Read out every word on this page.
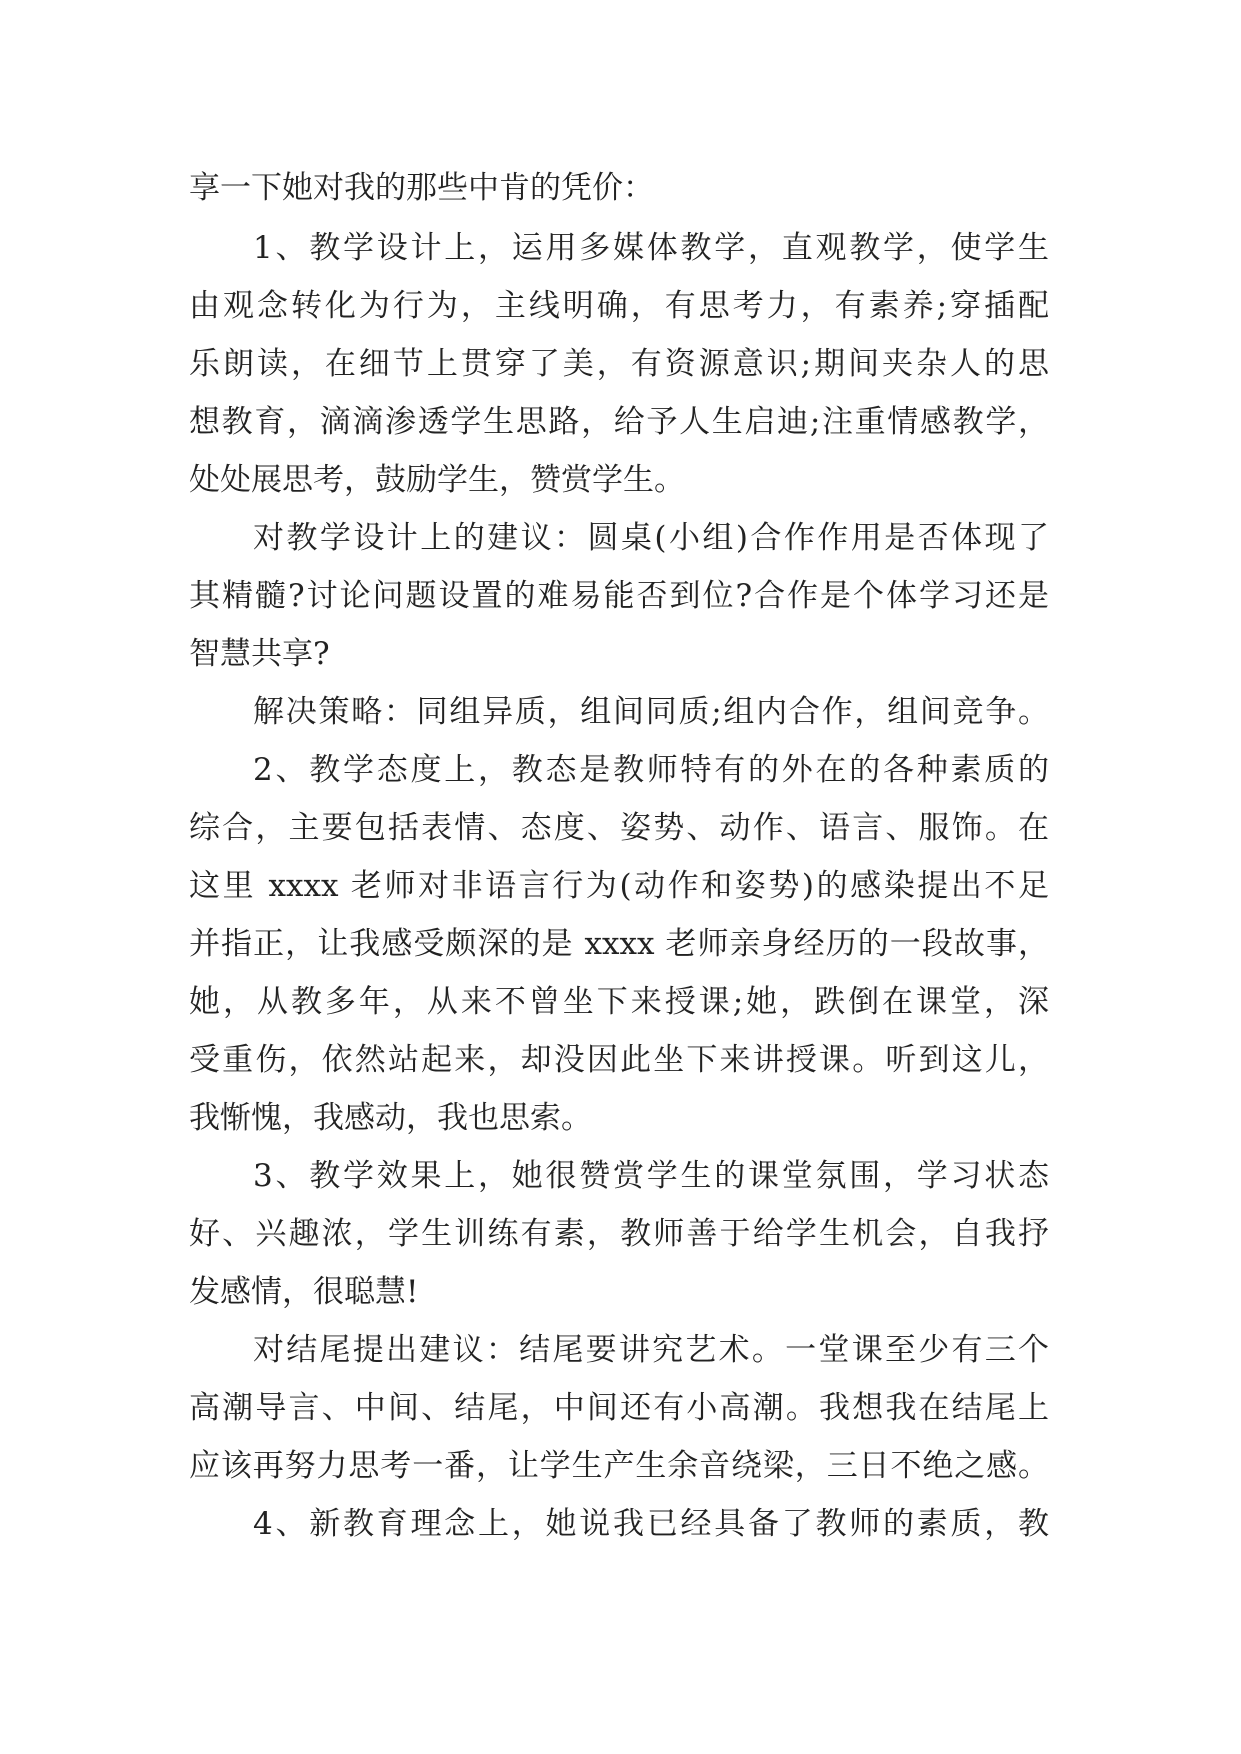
享一下她对我的那些中肯的凭价：
1、教学设计上，运用多媒体教学，直观教学，使学生
由观念转化为行为，主线明确，有思考力，有素养;穿插配
乐朗读，在细节上贯穿了美，有资源意识;期间夹杂人的思
想教育，滴滴渗透学生思路，给予人生启迪;注重情感教学，
处处展思考，鼓励学生，赞赏学生。
对教学设计上的建议：圆桌(小组)合作作用是否体现了
其精髓?讨论问题设置的难易能否到位?合作是个体学习还是
智慧共享?
解决策略：同组异质，组间同质;组内合作，组间竞争。
2、教学态度上，教态是教师特有的外在的各种素质的
综合，主要包括表情、态度、姿势、动作、语言、服饰。在
这里 xxxx 老师对非语言行为(动作和姿势)的感染提出不足
并指正，让我感受颇深的是 xxxx 老师亲身经历的一段故事，
她，从教多年，从来不曾坐下来授课;她，跌倒在课堂，深
受重伤，依然站起来，却没因此坐下来讲授课。听到这儿，
我惭愧，我感动，我也思索。
3、教学效果上，她很赞赏学生的课堂氛围，学习状态
好、兴趣浓，学生训练有素，教师善于给学生机会，自我抒
发感情，很聪慧!
对结尾提出建议：结尾要讲究艺术。一堂课至少有三个
高潮导言、中间、结尾，中间还有小高潮。我想我在结尾上
应该再努力思考一番，让学生产生余音绕梁，三日不绝之感。
4、新教育理念上，她说我已经具备了教师的素质，教
